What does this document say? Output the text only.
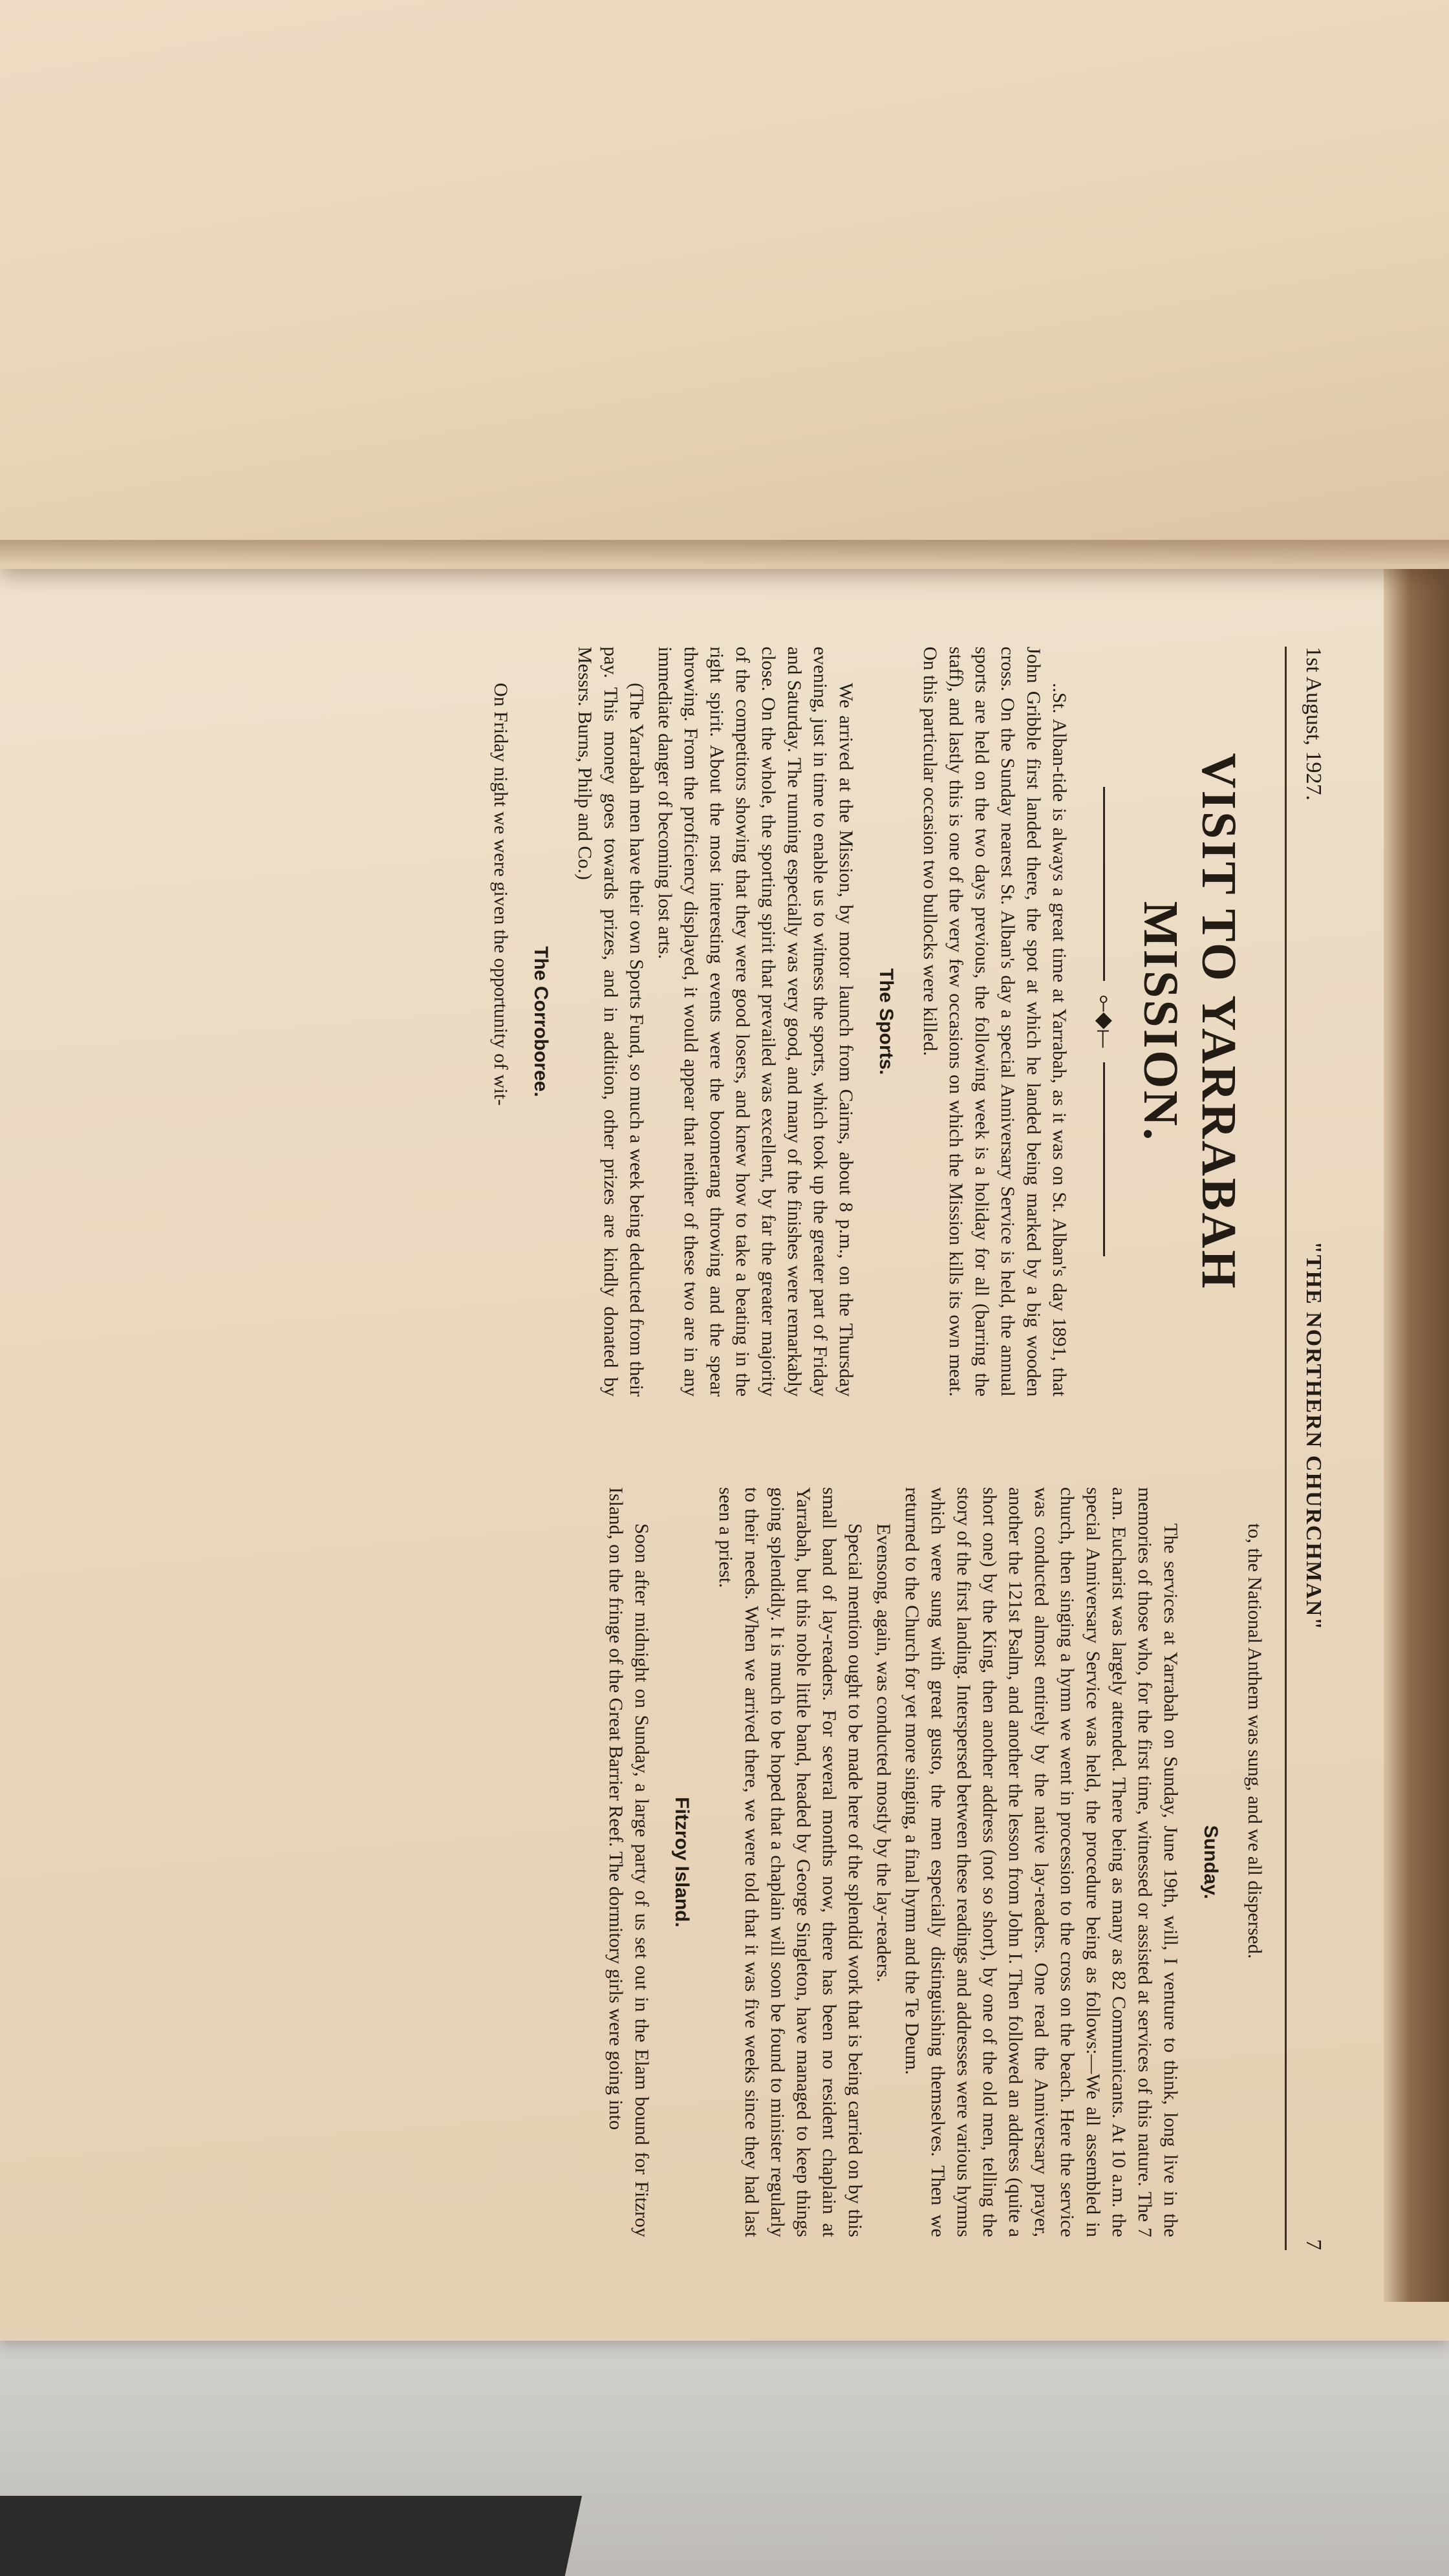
1st August, 1927.
"THE NORTHERN CHURCHMAN"
7
VISIT TO YARRABAH
MISSION.
⟜◆⟝

..St. Alban-tide is always a great time at Yarrabah, as it was on St. Alban's day 1891, that John Gribble first landed there, the spot at which he landed being marked by a big wooden cross. On the Sunday nearest St. Alban's day a special Anniversary Service is held, the annual sports are held on the two days previous, the following week is a holiday for all (barring the staff), and lastly this is one of the very few occasions on which the Mission kills its own meat. On this particular occasion two bullocks were killed.

The Sports.

We arrived at the Mission, by motor launch from Cairns, about 8 p.m., on the Thursday evening, just in time to enable us to witness the sports, which took up the greater part of Friday and Saturday. The running especially was very good, and many of the finishes were remarkably close. On the whole, the sporting spirit that prevailed was excellent, by far the greater majority of the competitors showing that they were good losers, and knew how to take a beating in the right spirit. About the most interesting events were the boomerang throwing and the spear throwing. From the proficiency displayed, it would appear that neither of these two are in any immediate danger of becoming lost arts.

(The Yarrabah men have their own Sports Fund, so much a week being deducted from their pay. This money goes towards prizes, and in addition, other prizes are kindly donated by Messrs. Burns, Philp and Co.)

The Corroboree.

On Friday night we were given the opportunity of wit-

to, the National Anthem was sung, and we all dispersed.

Sunday.

The services at Yarrabah on Sunday, June 19th, will, I venture to think, long live in the memories of those who, for the first time, witnessed or assisted at services of this nature. The 7 a.m. Eucharist was largely attended. There being as many as 82 Communicants. At 10 a.m. the special Anniversary Service was held, the procedure being as follows:—We all assembled in church, then singing a hymn we went in procession to the cross on the beach. Here the service was conducted almost entirely by the native lay-readers. One read the Anniversary prayer, another the 121st Psalm, and another the lesson from John I. Then followed an address (quite a short one) by the King, then another address (not so short), by one of the old men, telling the story of the first landing. Interspersed between these readings and addresses were various hymns which were sung with great gusto, the men especially distinguishing themselves. Then we returned to the Church for yet more singing, a final hymn and the Te Deum.

Evensong, again, was conducted mostly by the lay-readers.

Special mention ought to be made here of the splendid work that is being carried on by this small band of lay-readers. For several months now, there has been no resident chaplain at Yarrabah, but this noble little band, headed by George Singleton, have managed to keep things going splendidly. It is much to be hoped that a chaplain will soon be found to minister regularly to their needs. When we arrived there, we were told that it was five weeks since they had last seen a priest.

Fitzroy Island.

Soon after midnight on Sunday, a large party of us set out in the Elam bound for Fitzroy Island, on the fringe of the Great Barrier Reef. The dormitory girls were going into
